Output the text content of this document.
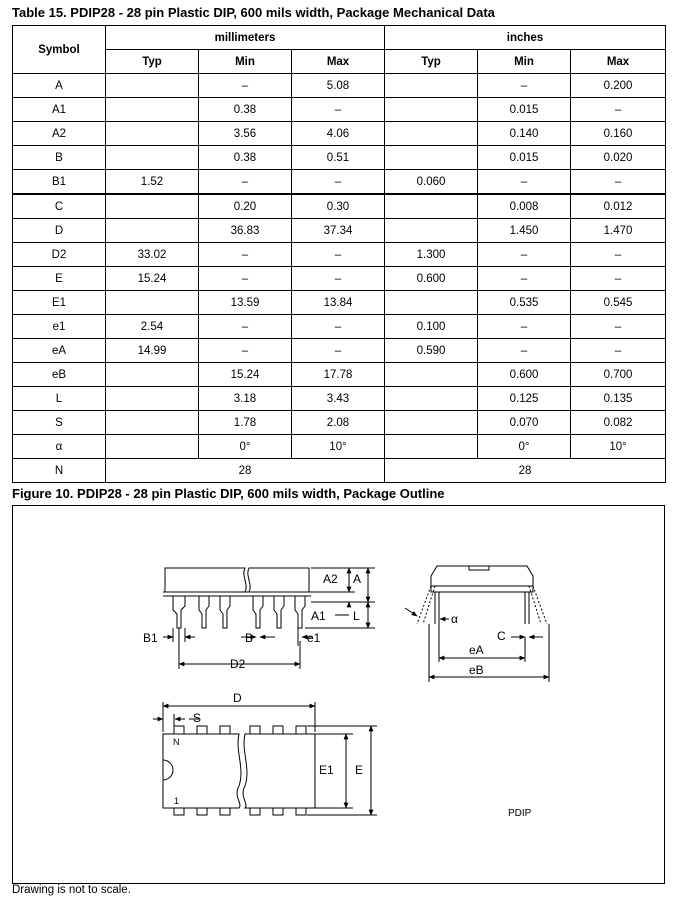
Table 15. PDIP28 - 28 pin Plastic DIP, 600 mils width, Package Mechanical Data
Symbol	millimeters			inches		
	Typ	Min	Max	Typ	Min	Max
A		–	5.08		–	0.200
A1		0.38	–		0.015	–
A2		3.56	4.06		0.140	0.160
B		0.38	0.51		0.015	0.020
B1	1.52	–	–	0.060	–	–
C		0.20	0.30		0.008	0.012
D		36.83	37.34		1.450	1.470
D2	33.02	–	–	1.300	–	–
E	15.24	–	–	0.600	–	–
E1		13.59	13.84		0.535	0.545
e1	2.54	–	–	0.100	–	–
eA	14.99	–	–	0.590	–	–
eB		15.24	17.78		0.600	0.700
L		3.18	3.43		0.125	0.135
S		1.78	2.08		0.070	0.082
α		0°	10°		0°	10°
N	28			28		
Figure 10. PDIP28 - 28 pin Plastic DIP, 600 mils width, Package Outline
A2 A
A1 L
B1	B	e1
D2
α
C
eA
eB
D
S
E1 E
PDIP
N
1
Drawing is not to scale.
